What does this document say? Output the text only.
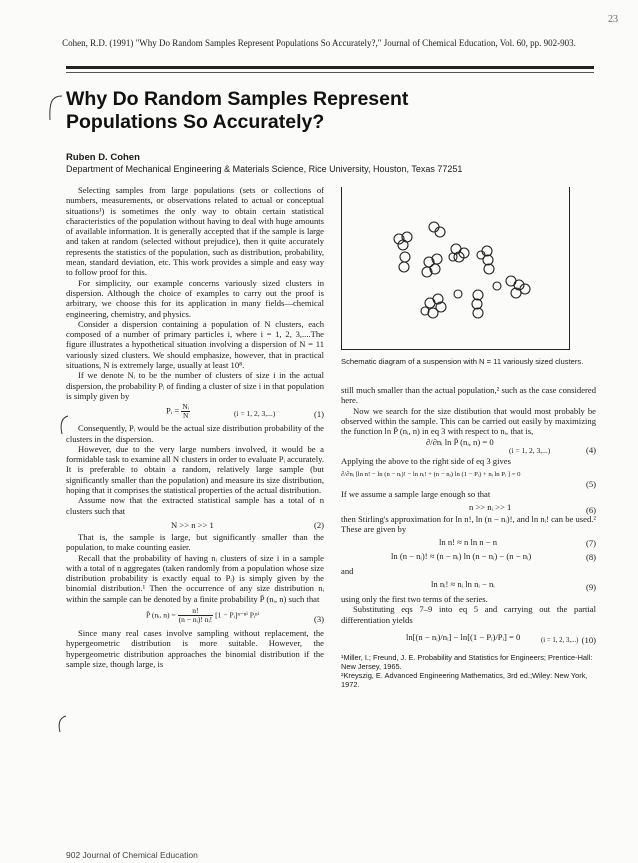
23
Cohen, R.D. (1991) "Why Do Random Samples Represent Populations So Accurately?," Journal of Chemical Education, Vol. 60, pp. 902-903.
Why Do Random Samples Represent Populations So Accurately?
Ruben D. Cohen
Department of Mechanical Engineering & Materials Science, Rice University, Houston, Texas 77251

Selecting samples from large populations (sets or collections of numbers, measurements, or observations related to actual or conceptual situations¹) is sometimes the only way to obtain certain statistical characteristics of the population without having to deal with huge amounts of available information. It is generally accepted that if the sample is large and taken at random (selected without prejudice), then it quite accurately represents the statistics of the population, such as distribution, probability, mean, standard deviation, etc. This work provides a simple and easy way to follow proof for this.

For simplicity, our example concerns variously sized clusters in dispersion. Although the choice of examples to carry out the proof is arbitrary, we choose this for its application in many fields—chemical engineering, chemistry, and physics.

Consider a dispersion containing a population of N clusters, each composed of a number of primary particles i, where i = 1, 2, 3,....The figure illustrates a hypothetical situation involving a dispersion of N = 11 variously sized clusters. We should emphasize, however, that in practical situations, N is extremely large, usually at least 10⁸.

If we denote Nᵢ to be the number of clusters of size i in the actual dispersion, the probability Pᵢ of finding a cluster of size i in that population is simply given by

Pᵢ = $\frac{\text{Nᵢ}}{N}$	(i = 1, 2, 3,...)	(1)

Consequently, Pᵢ would be the actual size distribution probability of the clusters in the dispersion.

However, due to the very large numbers involved, it would be a formidable task to examine all N clusters in order to evaluate Pᵢ accurately. It is preferable to obtain a random, relatively large sample (but significantly smaller than the population) and measure its size distribution, hoping that it comprises the statistical properties of the actual distribution.

Assume now that the extracted statistical sample has a total of n clusters such that

N >> n >> 1	(2)

That is, the sample is large, but significantly smaller than the population, to make counting easier.

Recall that the probability of having nᵢ clusters of size i in a sample with a total of n aggregates (taken randomly from a population whose size distribution probability is exactly equal to Pᵢ) is simply given by the binomial distribution.¹ Then the occurrence of any size distribution nᵢ within the sample can be denoted by a finite probability P̄ (nᵢ, n) such that

P̄ (nᵢ, $n) = \frac{n!}{\text{(n − nᵢ)! nᵢ!}} [1$ − Pᵢ]ⁿ⁻ⁿⁱ Pᵢⁿⁱ	(3)

Since many real cases involve sampling without replacement, the hypergeometric distribution is more suitable. However, the hypergeometric distribution approaches the binomial distribution if the sample size, though large, is

Schematic diagram of a suspension with N = 11 variously sized clusters.

still much smaller than the actual population,² such as the case considered here.

Now we search for the size distibution that would most probably be observed within the sample. This can be carried out easily by maximizing the function ln P̄ (nᵢ, n) in eq 3 with respect to nᵢ, that is,

∂/∂nᵢ ln P̄ (nᵢ, n) = 0
(i = 1, 2, 3,...)	(4)

Applying the above to the right side of eq 3 gives

∂/∂nᵢ [ln n! − ln (n − nᵢ)! − ln nᵢ! + (n − nᵢ) ln (1 − Pᵢ) + nᵢ ln Pᵢ ] = 0
(5)

If we assume a sample large enough so that

n >> nᵢ >> 1	(6)

then Stirling's approximation for ln n!, ln (n − nᵢ)!, and ln nᵢ! can be used.² These are given by

ln n! ≈ n ln n − n	(7)
ln (n − nᵢ)! ≈ (n − nᵢ) ln (n − nᵢ) − (n − nᵢ)	(8)

and

ln nᵢ! ≈ nᵢ ln nᵢ − nᵢ	(9)

using only the first two terms of the series.

Substituting eqs 7–9 into eq 5 and carrying out the partial differentiation yields

ln[(n − nᵢ)/nᵢ] − ln[(1 − Pᵢ)/Pᵢ] = 0	(i = 1, 2, 3,...) (10)
¹Miller, I.; Freund, J. E. Probability and Statistics for Engineers; Prentice-Hall: New Jersey, 1965.
²Kreyszig, E. Advanced Engineering Mathematics, 3rd ed.;Wiley: New York, 1972.
902 Journal of Chemical Education
